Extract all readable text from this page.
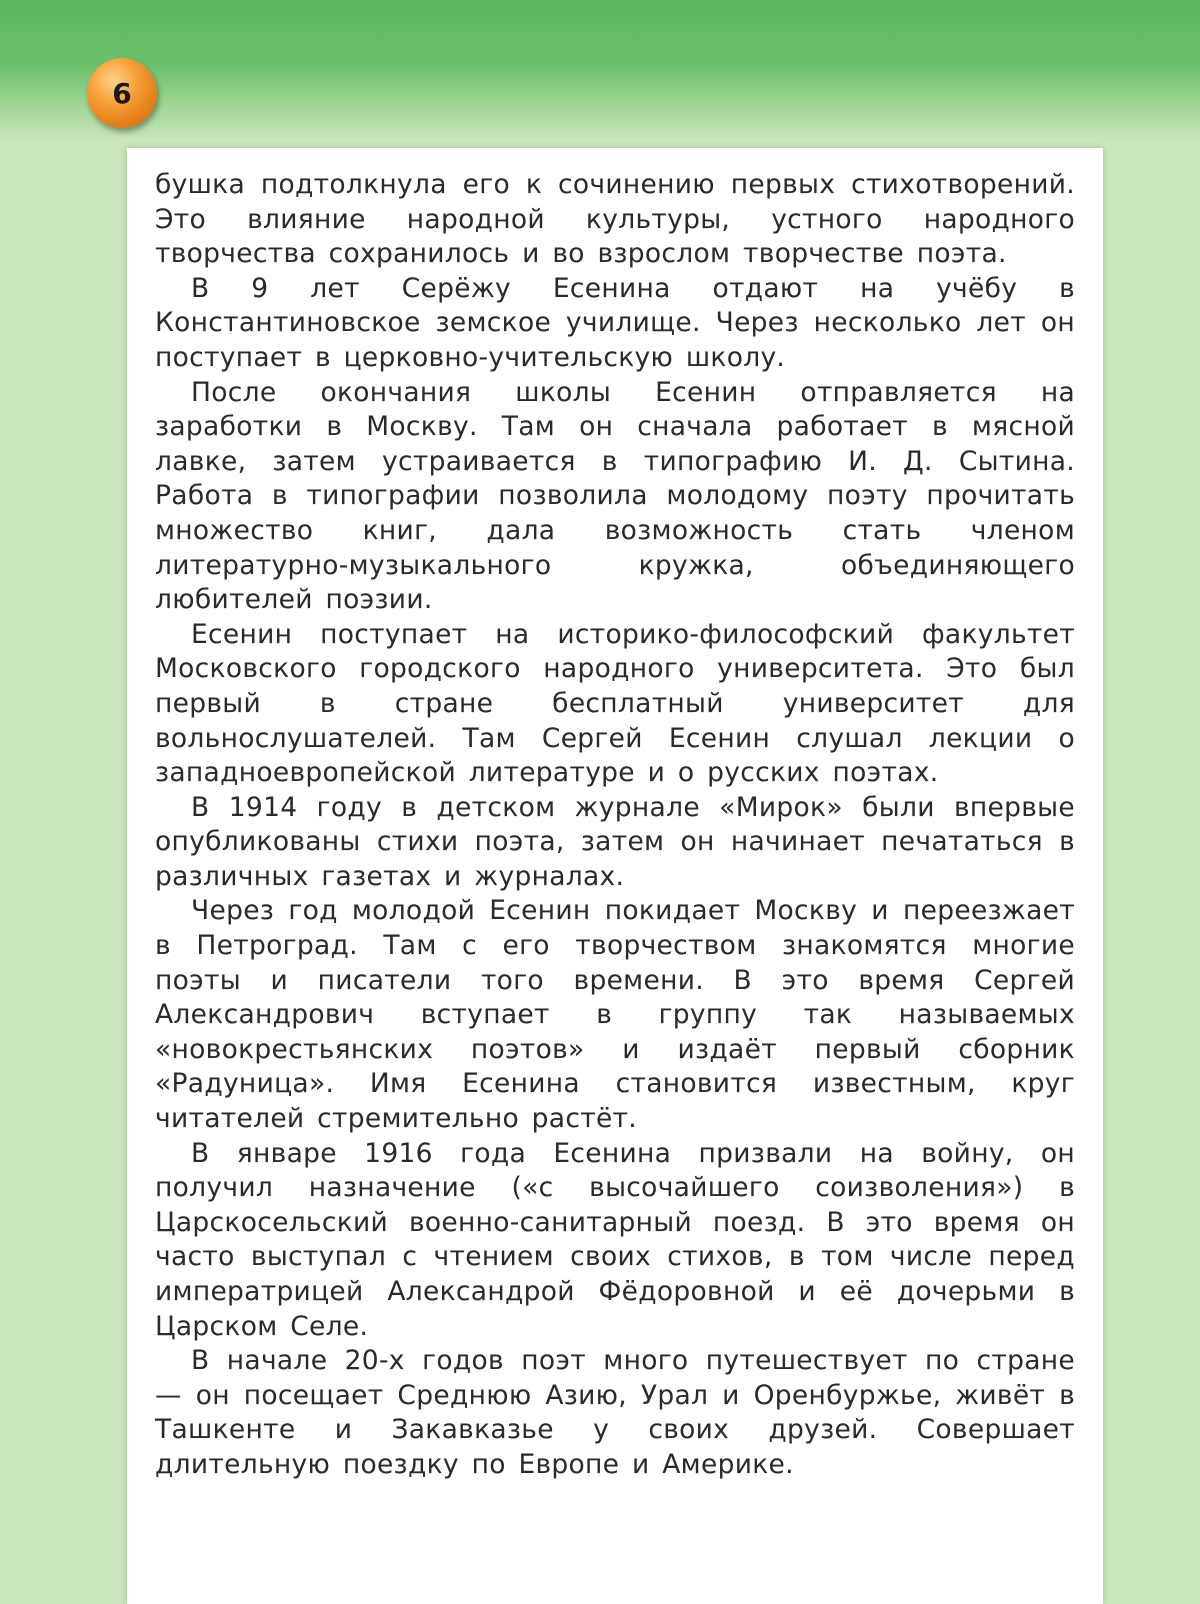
6

бушка подтолкнула его к сочинению первых стихотворений. Это влияние народной культуры, устного народного творчества сохранилось и во взрослом творчестве поэта.

В 9 лет Серёжу Есенина отдают на учёбу в Константиновское земское училище. Через несколько лет он поступает в церковно-учительскую школу.

После окончания школы Есенин отправляется на заработки в Москву. Там он сначала работает в мясной лавке, затем устраивается в типографию И. Д. Сытина. Работа в типографии позволила молодому поэту прочитать множество книг, дала возможность стать членом литературно-музыкального кружка, объединяющего любителей поэзии.

Есенин поступает на историко-философский факультет Московского городского народного университета. Это был первый в стране бесплатный университет для вольнослушателей. Там Сергей Есенин слушал лекции о западноевропейской литературе и о русских поэтах.

В 1914 году в детском журнале «Мирок» были впервые опубликованы стихи поэта, затем он начинает печататься в различных газетах и журналах.

Через год молодой Есенин покидает Москву и переезжает в Петроград. Там с его творчеством знакомятся многие поэты и писатели того времени. В это время Сергей Александрович вступает в группу так называемых «новокрестьянских поэтов» и издаёт первый сборник «Радуница». Имя Есенина становится известным, круг читателей стремительно растёт.

В январе 1916 года Есенина призвали на войну, он получил назначение («с высочайшего соизволения») в Царскосельский военно-санитарный поезд. В это время он часто выступал с чтением своих стихов, в том числе перед императрицей Александрой Фёдоровной и её дочерьми в Царском Селе.

В начале 20-х годов поэт много путешествует по стране — он посещает Среднюю Азию, Урал и Оренбуржье, живёт в Ташкенте и Закавказье у своих друзей. Совершает длительную поездку по Европе и Америке.
